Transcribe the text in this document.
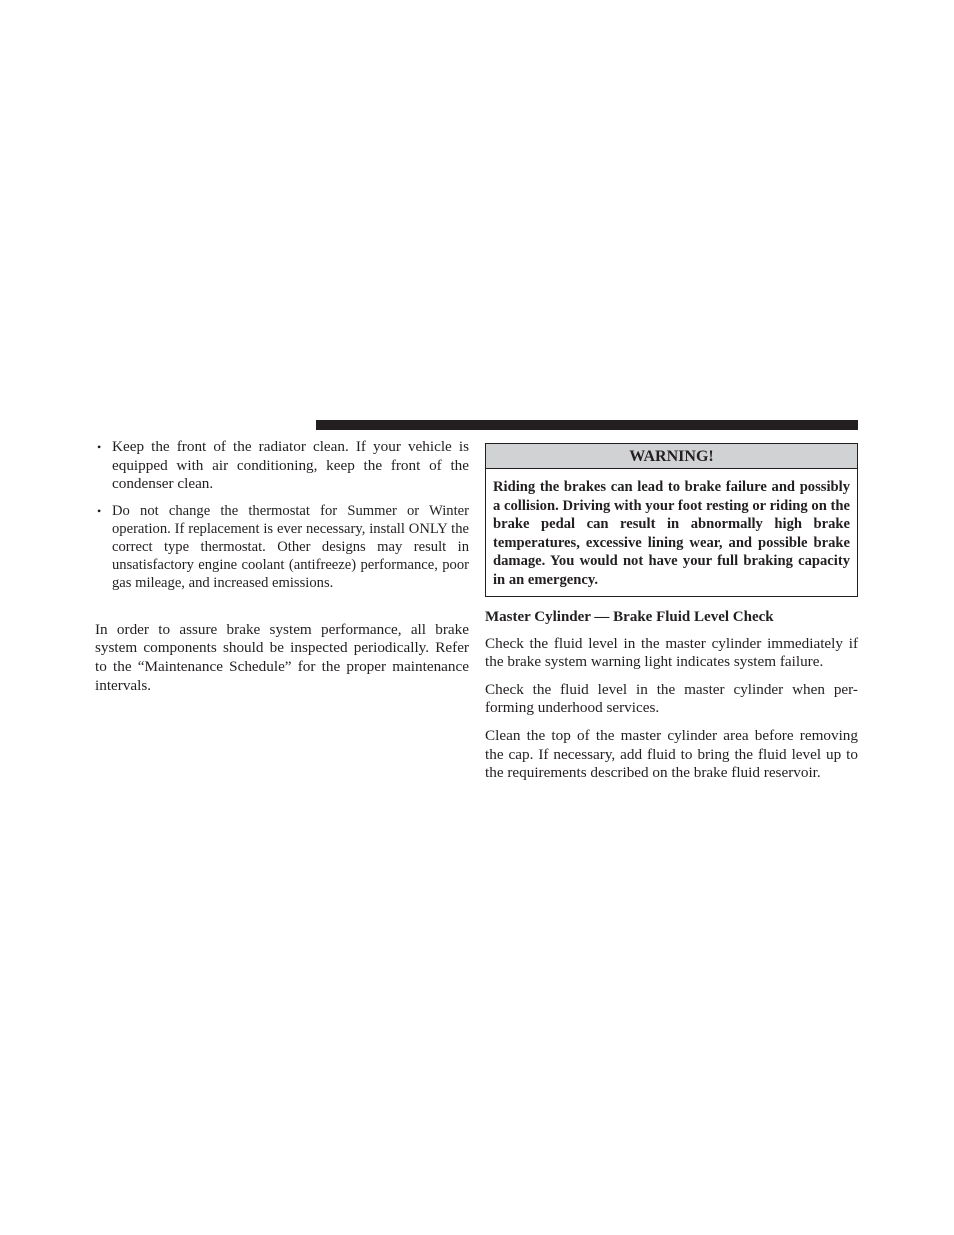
• Keep the front of the radiator clean. If your vehicle is equipped with air conditioning, keep the front of the condenser clean.
• Do not change the thermostat for Summer or Winter operation. If replacement is ever necessary, install ONLY the correct type thermostat. Other designs may result in unsatisfactory engine coolant (antifreeze) performance, poor gas mileage, and increased emissions.

In order to assure brake system performance, all brake system components should be inspected periodically. Refer to the “Maintenance Schedule” for the proper maintenance intervals.

WARNING!
Riding the brakes can lead to brake failure and possibly a collision. Driving with your foot resting or riding on the brake pedal can result in abnormally high brake temperatures, excessive lining wear, and possible brake damage. You would not have your full braking capacity in an emergency.
Master Cylinder — Brake Fluid Level Check

Check the fluid level in the master cylinder immediately if the brake system warning light indicates system failure.

Check the fluid level in the master cylinder when per-forming underhood services.

Clean the top of the master cylinder area before removing the cap. If necessary, add fluid to bring the fluid level up to the requirements described on the brake fluid reservoir.
